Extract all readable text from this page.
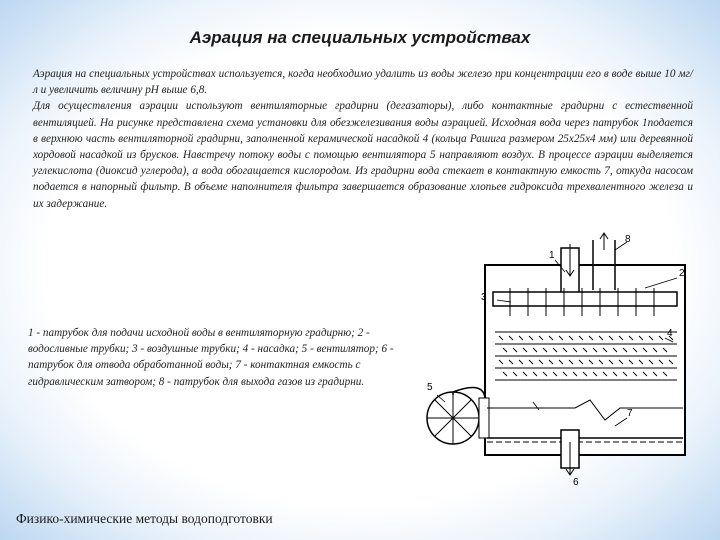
Аэрация на специальных устройствах

Аэрация на специальных устройствах используется, когда необходимо удалить из воды железо при концентрации его в воде выше 10 мг/л и увеличить величину рН выше 6,8.

Для осуществления аэрации используют вентиляторные градирни (дегазаторы), либо контактные градирни с естественной вентиляцией. На рисунке представлена схема установки для обезжелезивания воды аэрацией. Исходная вода через патрубок 1подается в верхнюю часть вентиляторной градирни, заполненной керамической насадкой 4 (кольца Рашига размером 25х25х4 мм) или деревянной хордовой насадкой из брусков. Навстречу потоку воды с помощью вентилятора 5 направляют воздух. В процессе аэрации выделяется углекислота (диоксид углерода), а вода обогащается кислородом. Из градирни вода стекает в контактную емкость 7, откуда насосом подается в напорный фильтр. В объеме наполнителя фильтра завершается образование хлопьев гидроксида трехвалентного железа и их задержание.

1 - патрубок для подачи исходной воды в вентиляторную градирню; 2 - водосливные трубки; 3 - воздушные трубки; 4 - насадка; 5 - вентилятор; 6 - патрубок для отвода обработанной воды; 7 - контактная емкость с гидравлическим затвором; 8 - патрубок для выхода газов из градирни.
1
2
3
4
5
6
7
8
Физико-химические методы водоподготовки
